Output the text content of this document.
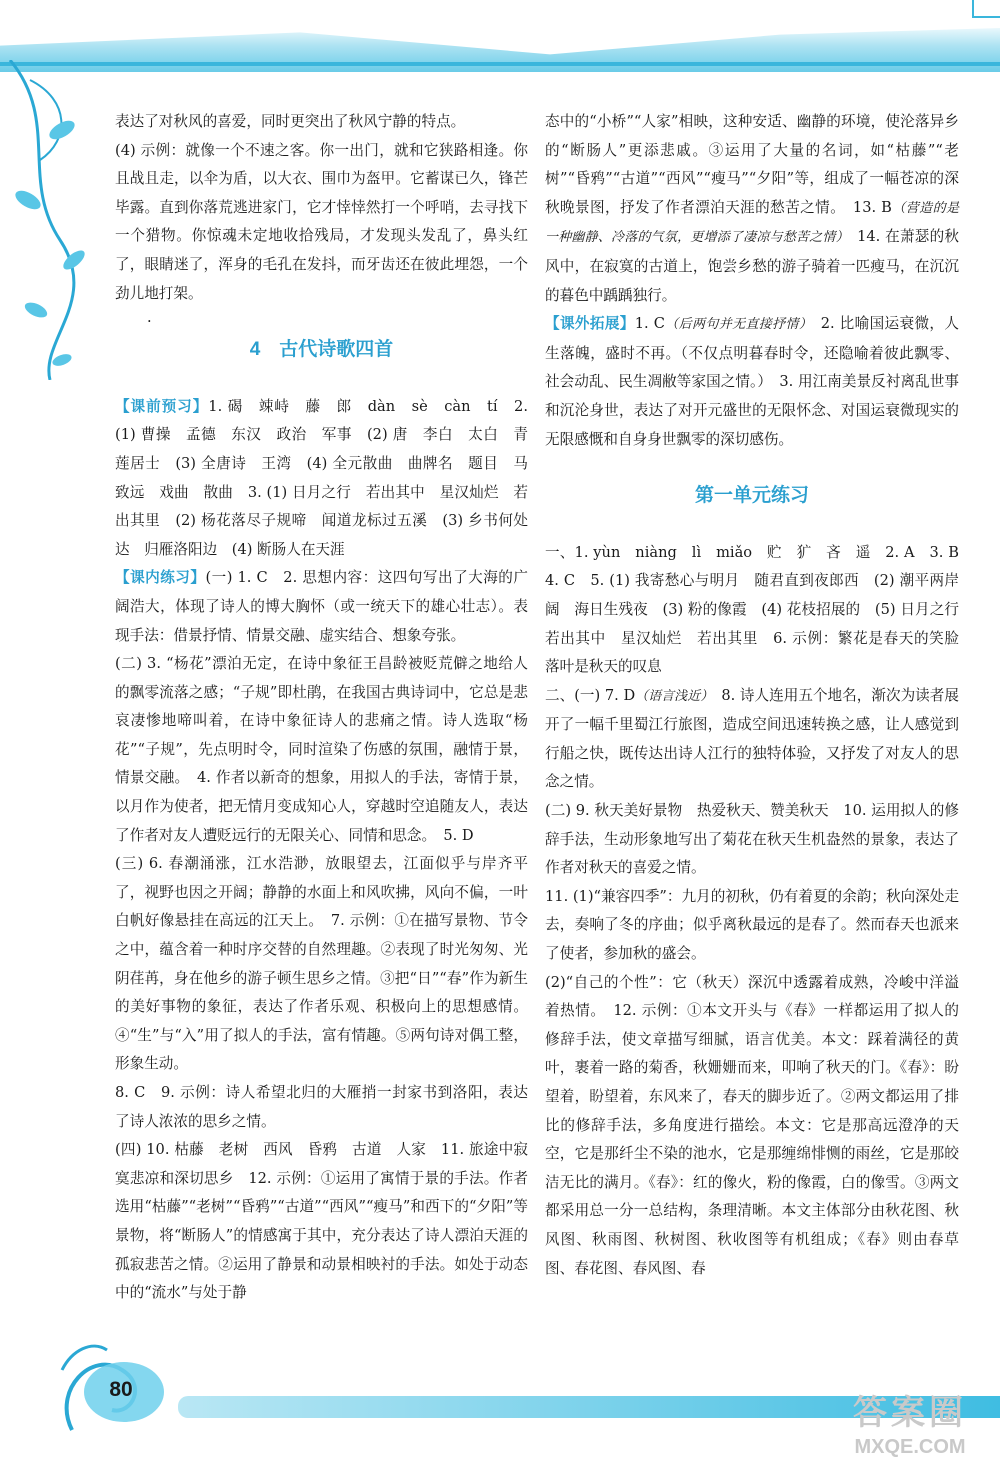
80
答案圈
MXQE.COM

表达了对秋风的喜爱，同时更突出了秋风宁静的特点。

(4) 示例：就像一个不速之客。你一出门，就和它狭路相逢。你且战且走，以伞为盾，以大衣、围巾为盔甲。它蓄谋已久，锋芒毕露。直到你落荒逃进家门，它才悻悻然打一个呼哨，去寻找下一个猎物。你惊魂未定地收拾残局，才发现头发乱了，鼻头红了，眼睛迷了，浑身的毛孔在发抖，而牙齿还在彼此埋怨，一个劲儿地打架。

·

4　古代诗歌四首

【课前预习】1. 碣　竦峙　藤　郎　dàn　sè　càn　tí　2. (1) 曹操　孟德　东汉　政治　军事　(2) 唐　李白　太白　青莲居士　(3) 全唐诗　王湾　(4) 全元散曲　曲牌名　题目　马致远　戏曲　散曲　3. (1) 日月之行　若出其中　星汉灿烂　若出其里　(2) 杨花落尽子规啼　闻道龙标过五溪　(3) 乡书何处达　归雁洛阳边　(4) 断肠人在天涯

【课内练习】(一) 1. C　2. 思想内容：这四句写出了大海的广阔浩大，体现了诗人的博大胸怀（或一统天下的雄心壮志）。表现手法：借景抒情、情景交融、虚实结合、想象夸张。

(二) 3. “杨花”漂泊无定，在诗中象征王昌龄被贬荒僻之地给人的飘零流落之感；“子规”即杜鹃，在我国古典诗词中，它总是悲哀凄惨地啼叫着，在诗中象征诗人的悲痛之情。诗人选取“杨花”“子规”，先点明时令，同时渲染了伤感的氛围，融情于景，情景交融。　4. 作者以新奇的想象，用拟人的手法，寄情于景，以月作为使者，把无情月变成知心人，穿越时空追随友人，表达了作者对友人遭贬远行的无限关心、同情和思念。　5. D

(三) 6. 春潮涌涨，江水浩渺，放眼望去，江面似乎与岸齐平了，视野也因之开阔；静静的水面上和风吹拂，风向不偏，一叶白帆好像悬挂在高远的江天上。　7. 示例：①在描写景物、节令之中，蕴含着一种时序交替的自然理趣。②表现了时光匆匆、光阴荏苒，身在他乡的游子顿生思乡之情。③把“日”“春”作为新生的美好事物的象征，表达了作者乐观、积极向上的思想感情。④“生”与“入”用了拟人的手法，富有情趣。⑤两句诗对偶工整，形象生动。

8. C　9. 示例：诗人希望北归的大雁捎一封家书到洛阳，表达了诗人浓浓的思乡之情。

(四) 10. 枯藤　老树　西风　昏鸦　古道　人家　11. 旅途中寂寞悲凉和深切思乡　12. 示例：①运用了寓情于景的手法。作者选用“枯藤”“老树”“昏鸦”“古道”“西风”“瘦马”和西下的“夕阳”等景物，将“断肠人”的情感寓于其中，充分表达了诗人漂泊天涯的孤寂悲苦之情。②运用了静景和动景相映衬的手法。如处于动态中的“流水”与处于静

态中的“小桥”“人家”相映，这种安适、幽静的环境，使沦落异乡的“断肠人”更添悲戚。③运用了大量的名词，如“枯藤”“老树”“昏鸦”“古道”“西风”“瘦马”“夕阳”等，组成了一幅苍凉的深秋晚景图，抒发了作者漂泊天涯的愁苦之情。　13. B（营造的是一种幽静、冷落的气氛，更增添了凄凉与愁苦之情）　14. 在萧瑟的秋风中，在寂寞的古道上，饱尝乡愁的游子骑着一匹瘦马，在沉沉的暮色中踽踽独行。

【课外拓展】1. C（后两句并无直接抒情）　2. 比喻国运衰微，人生落魄，盛时不再。（不仅点明暮春时令，还隐喻着彼此飘零、社会动乱、民生凋敝等家国之情。）　3. 用江南美景反衬离乱世事和沉沦身世，表达了对开元盛世的无限怀念、对国运衰微现实的无限感慨和自身身世飘零的深切感伤。

第一单元练习

一、1. yùn　niàng　lì　miǎo　贮　犷　吝　遥　2. A　3. B　4. C　5. (1) 我寄愁心与明月　随君直到夜郎西　(2) 潮平两岸阔　海日生残夜　(3) 粉的像霞　(4) 花枝招展的　(5) 日月之行　若出其中　星汉灿烂　若出其里　6. 示例：繁花是春天的笑脸　落叶是秋天的叹息

二、(一) 7. D（语言浅近）　8. 诗人连用五个地名，渐次为读者展开了一幅千里蜀江行旅图，造成空间迅速转换之感，让人感觉到行船之快，既传达出诗人江行的独特体验，又抒发了对友人的思念之情。

(二) 9. 秋天美好景物　热爱秋天、赞美秋天　10. 运用拟人的修辞手法，生动形象地写出了菊花在秋天生机盎然的景象，表达了作者对秋天的喜爱之情。

11. (1)“兼容四季”：九月的初秋，仍有着夏的余韵；秋向深处走去，奏响了冬的序曲；似乎离秋最远的是春了。然而春天也派来了使者，参加秋的盛会。

(2)“自己的个性”：它（秋天）深沉中透露着成熟，冷峻中洋溢着热情。　12. 示例：①本文开头与《春》一样都运用了拟人的修辞手法，使文章描写细腻，语言优美。本文：踩着满径的黄叶，裹着一路的菊香，秋姗姗而来，叩响了秋天的门。《春》：盼望着，盼望着，东风来了，春天的脚步近了。②两文都运用了排比的修辞手法，多角度进行描绘。本文：它是那高远澄净的天空，它是那纤尘不染的池水，它是那缠绵悱恻的雨丝，它是那皎洁无比的满月。《春》：红的像火，粉的像霞，白的像雪。③两文都采用总一分一总结构，条理清晰。本文主体部分由秋花图、秋风图、秋雨图、秋树图、秋收图等有机组成；《春》则由春草图、春花图、春风图、春
